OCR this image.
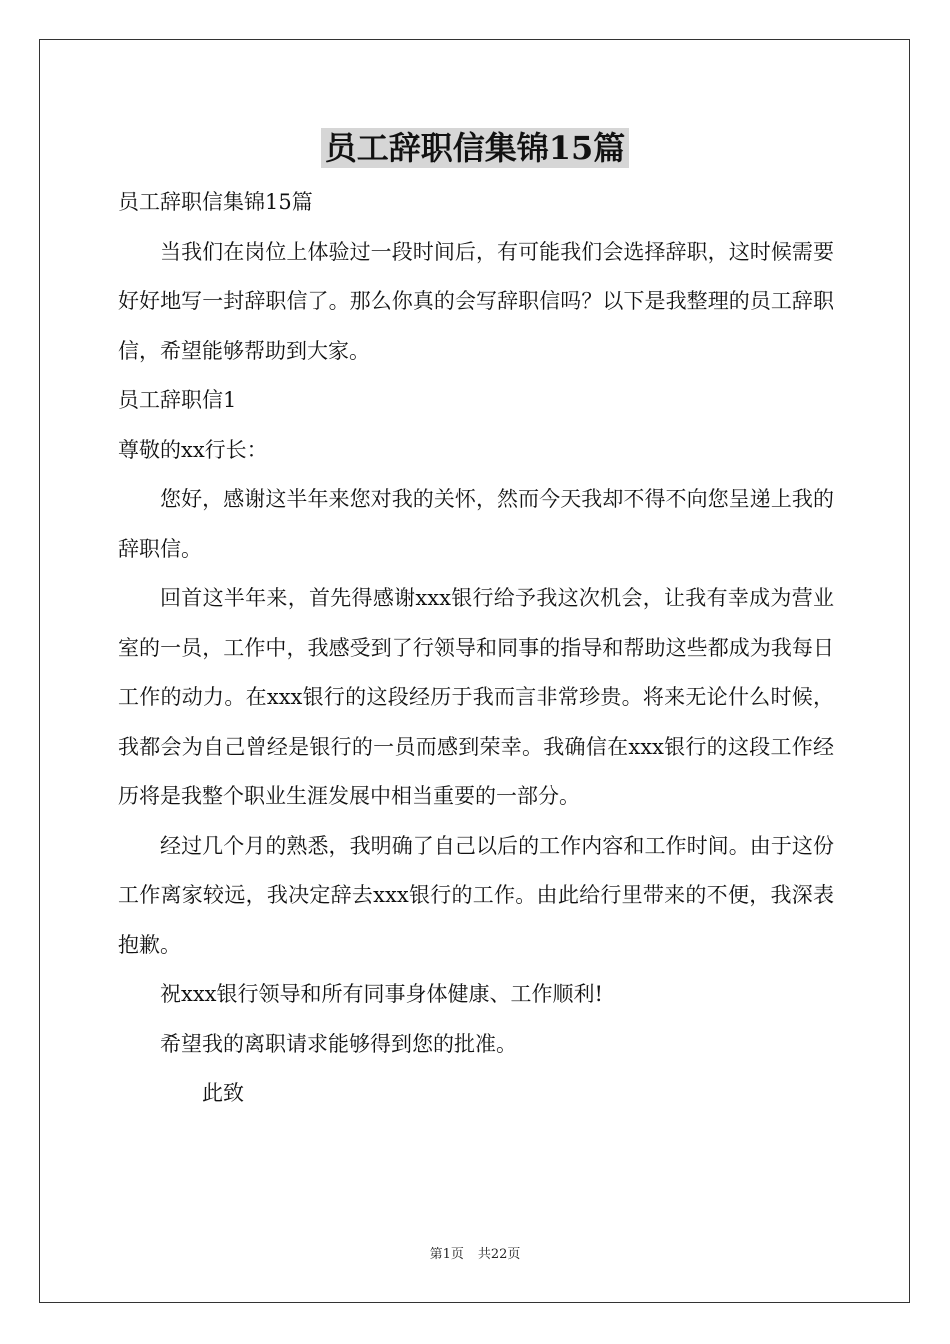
员工辞职信集锦15篇

员工辞职信集锦15篇

当我们在岗位上体验过一段时间后，有可能我们会选择辞职，这时候需要好好地写一封辞职信了。那么你真的会写辞职信吗？以下是我整理的员工辞职信，希望能够帮助到大家。

员工辞职信1

尊敬的xx行长：

您好，感谢这半年来您对我的关怀，然而今天我却不得不向您呈递上我的辞职信。

回首这半年来，首先得感谢xxx银行给予我这次机会，让我有幸成为营业室的一员，工作中，我感受到了行领导和同事的指导和帮助这些都成为我每日工作的动力。在xxx银行的这段经历于我而言非常珍贵。将来无论什么时候，我都会为自己曾经是银行的一员而感到荣幸。我确信在xxx银行的这段工作经历将是我整个职业生涯发展中相当重要的一部分。

经过几个月的熟悉，我明确了自己以后的工作内容和工作时间。由于这份工作离家较远，我决定辞去xxx银行的工作。由此给行里带来的不便，我深表抱歉。

祝xxx银行领导和所有同事身体健康、工作顺利!

希望我的离职请求能够得到您的批准。

此致

第1页 共22页
